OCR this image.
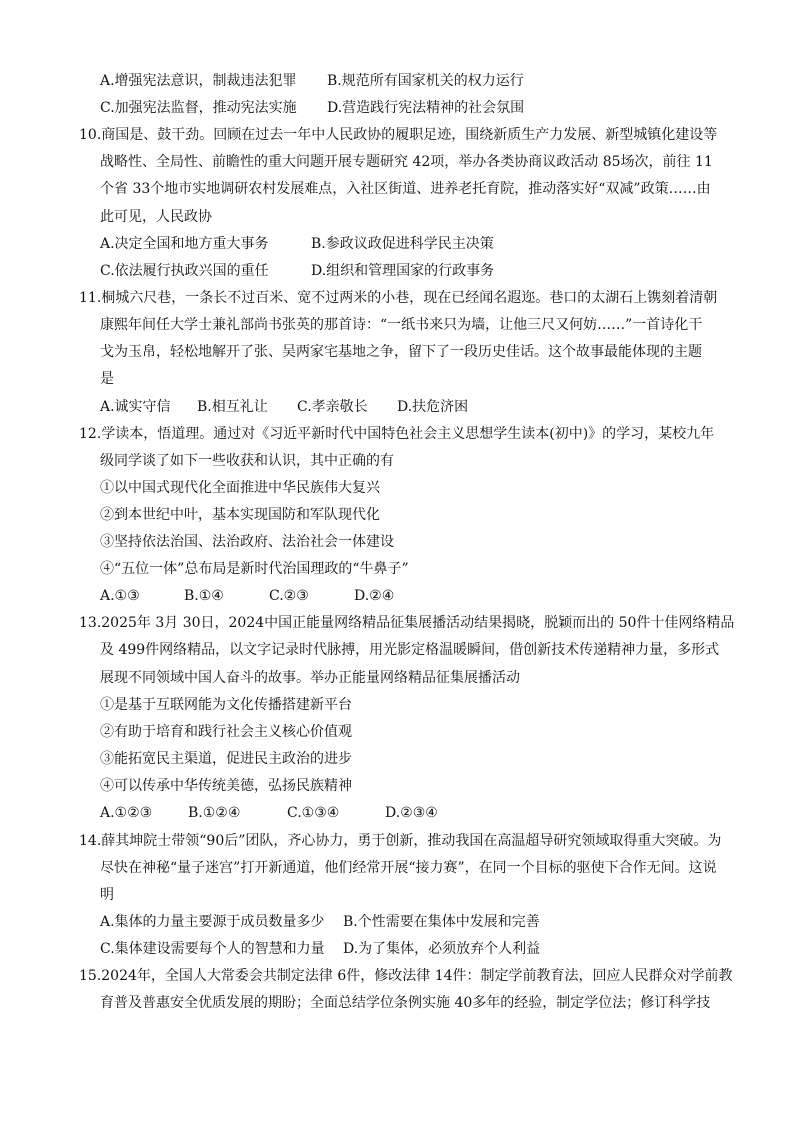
A.增强宪法意识，制裁违法犯罪 B.规范所有国家机关的权力运行
C.加强宪法监督，推动宪法实施 D.营造践行宪法精神的社会氛围
10.商国是、鼓干劲。回顾在过去一年中人民政协的履职足迹，围绕新质生产力发展、新型城镇化建设等
战略性、全局性、前瞻性的重大问题开展专题研究 42项，举办各类协商议政活动 85场次，前往 11
个省 33个地市实地调研农村发展难点，入社区街道、进养老托育院，推动落实好“双减”政策……由
此可见，人民政协
A.决定全国和地方重大事务	B.参政议政促进科学民主决策
C.依法履行执政兴国的重任	D.组织和管理国家的行政事务
11.桐城六尺巷，一条长不过百米、宽不过两米的小巷，现在已经闻名遐迩。巷口的太湖石上镌刻着清朝
康熙年间任大学士兼礼部尚书张英的那首诗：“一纸书来只为墙，让他三尺又何妨……”一首诗化干
戈为玉帛，轻松地解开了张、吴两家宅基地之争，留下了一段历史佳话。这个故事最能体现的主题
是
A.诚实守信 B.相互礼让 C.孝亲敬长 D.扶危济困
12.学读本，悟道理。通过对《习近平新时代中国特色社会主义思想学生读本(初中)》的学习，某校九年
级同学谈了如下一些收获和认识，其中正确的有
①以中国式现代化全面推进中华民族伟大复兴
②到本世纪中叶，基本实现国防和军队现代化
③坚持依法治国、法治政府、法治社会一体建设
④“五位一体”总布局是新时代治国理政的“牛鼻子”
A.①③	B.①④	C.②③	D.②④
13.2025年 3月 30日，2024中国正能量网络精品征集展播活动结果揭晓，脱颖而出的 50件十佳网络精品
及 499件网络精品，以文字记录时代脉搏，用光影定格温暖瞬间，借创新技术传递精神力量，多形式
展现不同领域中国人奋斗的故事。举办正能量网络精品征集展播活动
①是基于互联网能为文化传播搭建新平台
②有助于培育和践行社会主义核心价值观
③能拓宽民主渠道，促进民主政治的进步
④可以传承中华传统美德，弘扬民族精神
A.①②③	B.①②④	C.①③④	D.②③④
14.薛其坤院士带领“90后”团队，齐心协力，勇于创新，推动我国在高温超导研究领域取得重大突破。为
尽快在神秘“量子迷宫”打开新通道，他们经常开展“接力赛”，在同一个目标的驱使下合作无间。这说
明
A.集体的力量主要源于成员数量多少 B.个性需要在集体中发展和完善
C.集体建设需要每个人的智慧和力量 D.为了集体，必须放弃个人利益
15.2024年，全国人大常委会共制定法律 6件，修改法律 14件：制定学前教育法，回应人民群众对学前教
育普及普惠安全优质发展的期盼；全面总结学位条例实施 40多年的经验，制定学位法；修订科学技
